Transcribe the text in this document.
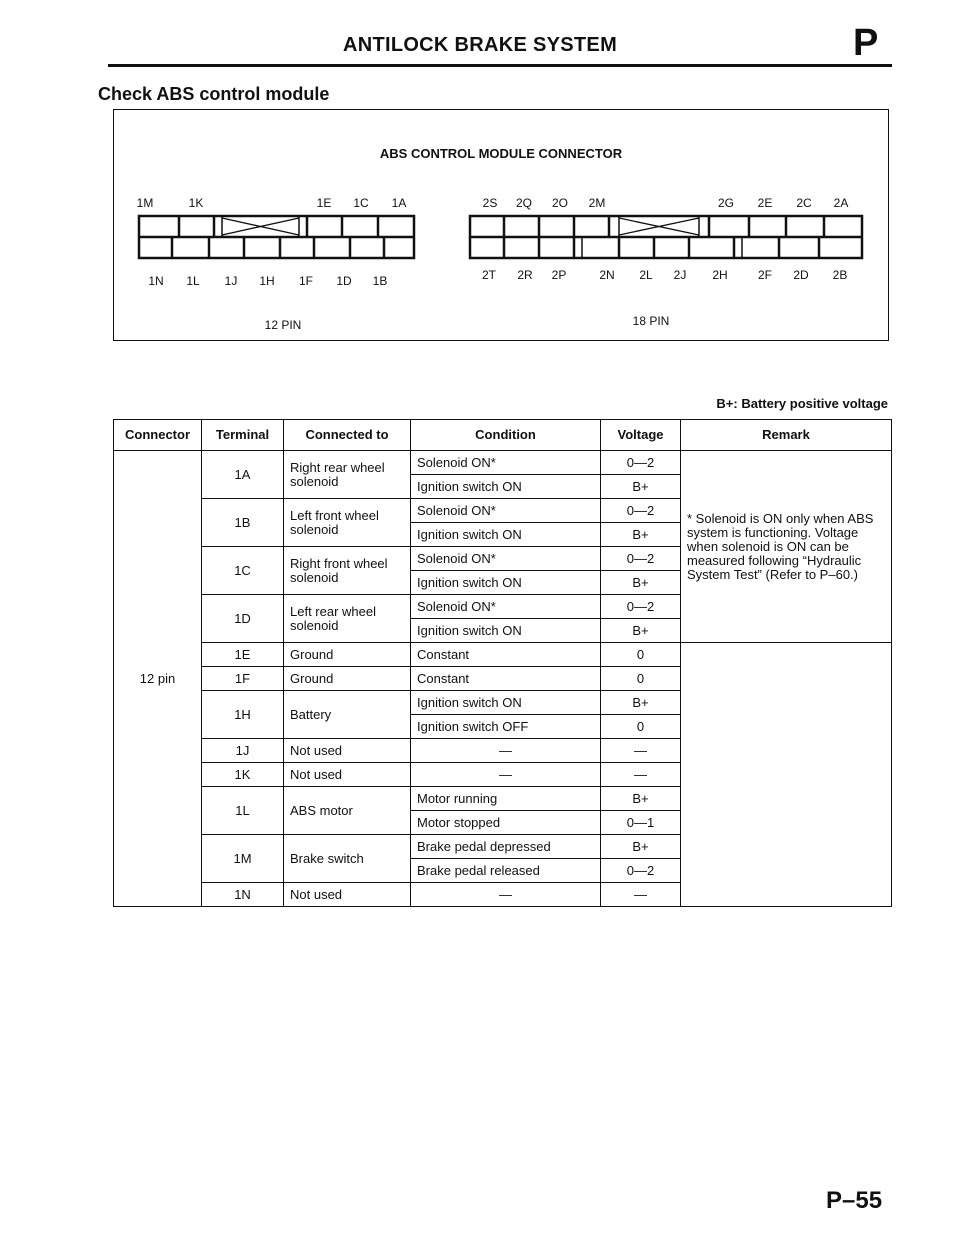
ANTILOCK BRAKE SYSTEM	P
Check ABS control module
ABS CONTROL MODULE CONNECTOR
1M	1K	1E 1C 1A
1N 1L 1J 1H 1F 1D 1B
2S 2Q 2O 2M	2G 2E 2C 2A
2T 2R 2P	2N 2L 2J 2H	2F 2D 2B
12 PIN	18 PIN
B+: Battery positive voltage
Connector	Terminal	Connected to	Condition	Voltage	Remark
12 pin	1A	Right rear wheel solenoid	Solenoid ON*	0—2	* Solenoid is ON only when ABS system is functioning. Voltage when solenoid is ON can be measured following “Hydraulic System Test” (Refer to P–60.)
			Ignition switch ON	B+	
	1B	Left front wheel solenoid	Solenoid ON*	0—2	
			Ignition switch ON	B+	
	1C	Right front wheel solenoid	Solenoid ON*	0—2	
			Ignition switch ON	B+	
	1D	Left rear wheel solenoid	Solenoid ON*	0—2	
			Ignition switch ON	B+	
	1E	Ground	Constant	0	
	1F	Ground	Constant	0	
	1H	Battery	Ignition switch ON	B+	
			Ignition switch OFF	0	
	1J	Not used	—	—	
	1K	Not used	—	—	
	1L	ABS motor	Motor running	B+	
			Motor stopped	0—1	
	1M	Brake switch	Brake pedal depressed	B+	
			Brake pedal released	0—2	
	1N	Not used	—	—	
P–55
